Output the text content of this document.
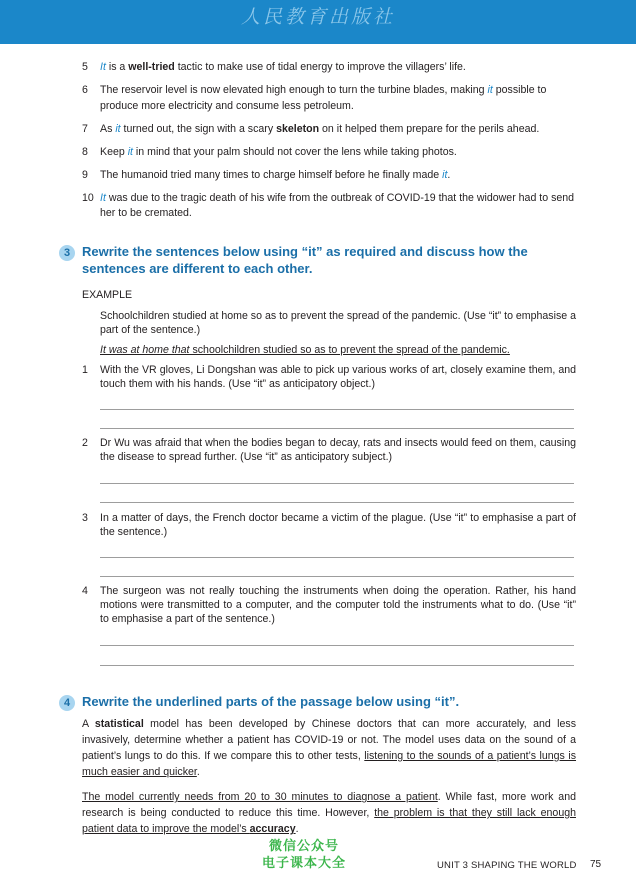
人民教育出版社
5 It is a well-tried tactic to make use of tidal energy to improve the villagers’ life.
6 The reservoir level is now elevated high enough to turn the turbine blades, making it possible to produce more electricity and consume less petroleum.
7 As it turned out, the sign with a scary skeleton on it helped them prepare for the perils ahead.
8 Keep it in mind that your palm should not cover the lens while taking photos.
9 The humanoid tried many times to charge himself before he finally made it.
10 It was due to the tragic death of his wife from the outbreak of COVID-19 that the widower had to send her to be cremated.
3 Rewrite the sentences below using “it” as required and discuss how the sentences are different to each other.
EXAMPLE
Schoolchildren studied at home so as to prevent the spread of the pandemic. (Use “it” to emphasise a part of the sentence.)
It was at home that schoolchildren studied so as to prevent the spread of the pandemic.
1	With the VR gloves, Li Dongshan was able to pick up various works of art, closely examine them, and touch them with his hands. (Use “it” as anticipatory object.)
2	Dr Wu was afraid that when the bodies began to decay, rats and insects would feed on them, causing the disease to spread further. (Use “it” as anticipatory subject.)
3	In a matter of days, the French doctor became a victim of the plague. (Use “it” to emphasise a part of the sentence.)
4	The surgeon was not really touching the instruments when doing the operation. Rather, his hand motions were transmitted to a computer, and the computer told the instruments what to do. (Use “it” to emphasise a part of the sentence.)
4 Rewrite the underlined parts of the passage below using “it”.
A statistical model has been developed by Chinese doctors that can more accurately, and less invasively, determine whether a patient has COVID-19 or not. The model uses data on the sound of a patient’s lungs to do this. If we compare this to other tests, listening to the sounds of a patient’s lungs is much easier and quicker.
The model currently needs from 20 to 30 minutes to diagnose a patient. While fast, more work and research is being conducted to reduce this time. However, the problem is that they still lack enough patient data to improve the model’s accuracy.
微信公众号
电子课本大全	UNIT 3 SHAPING THE WORLD 75
